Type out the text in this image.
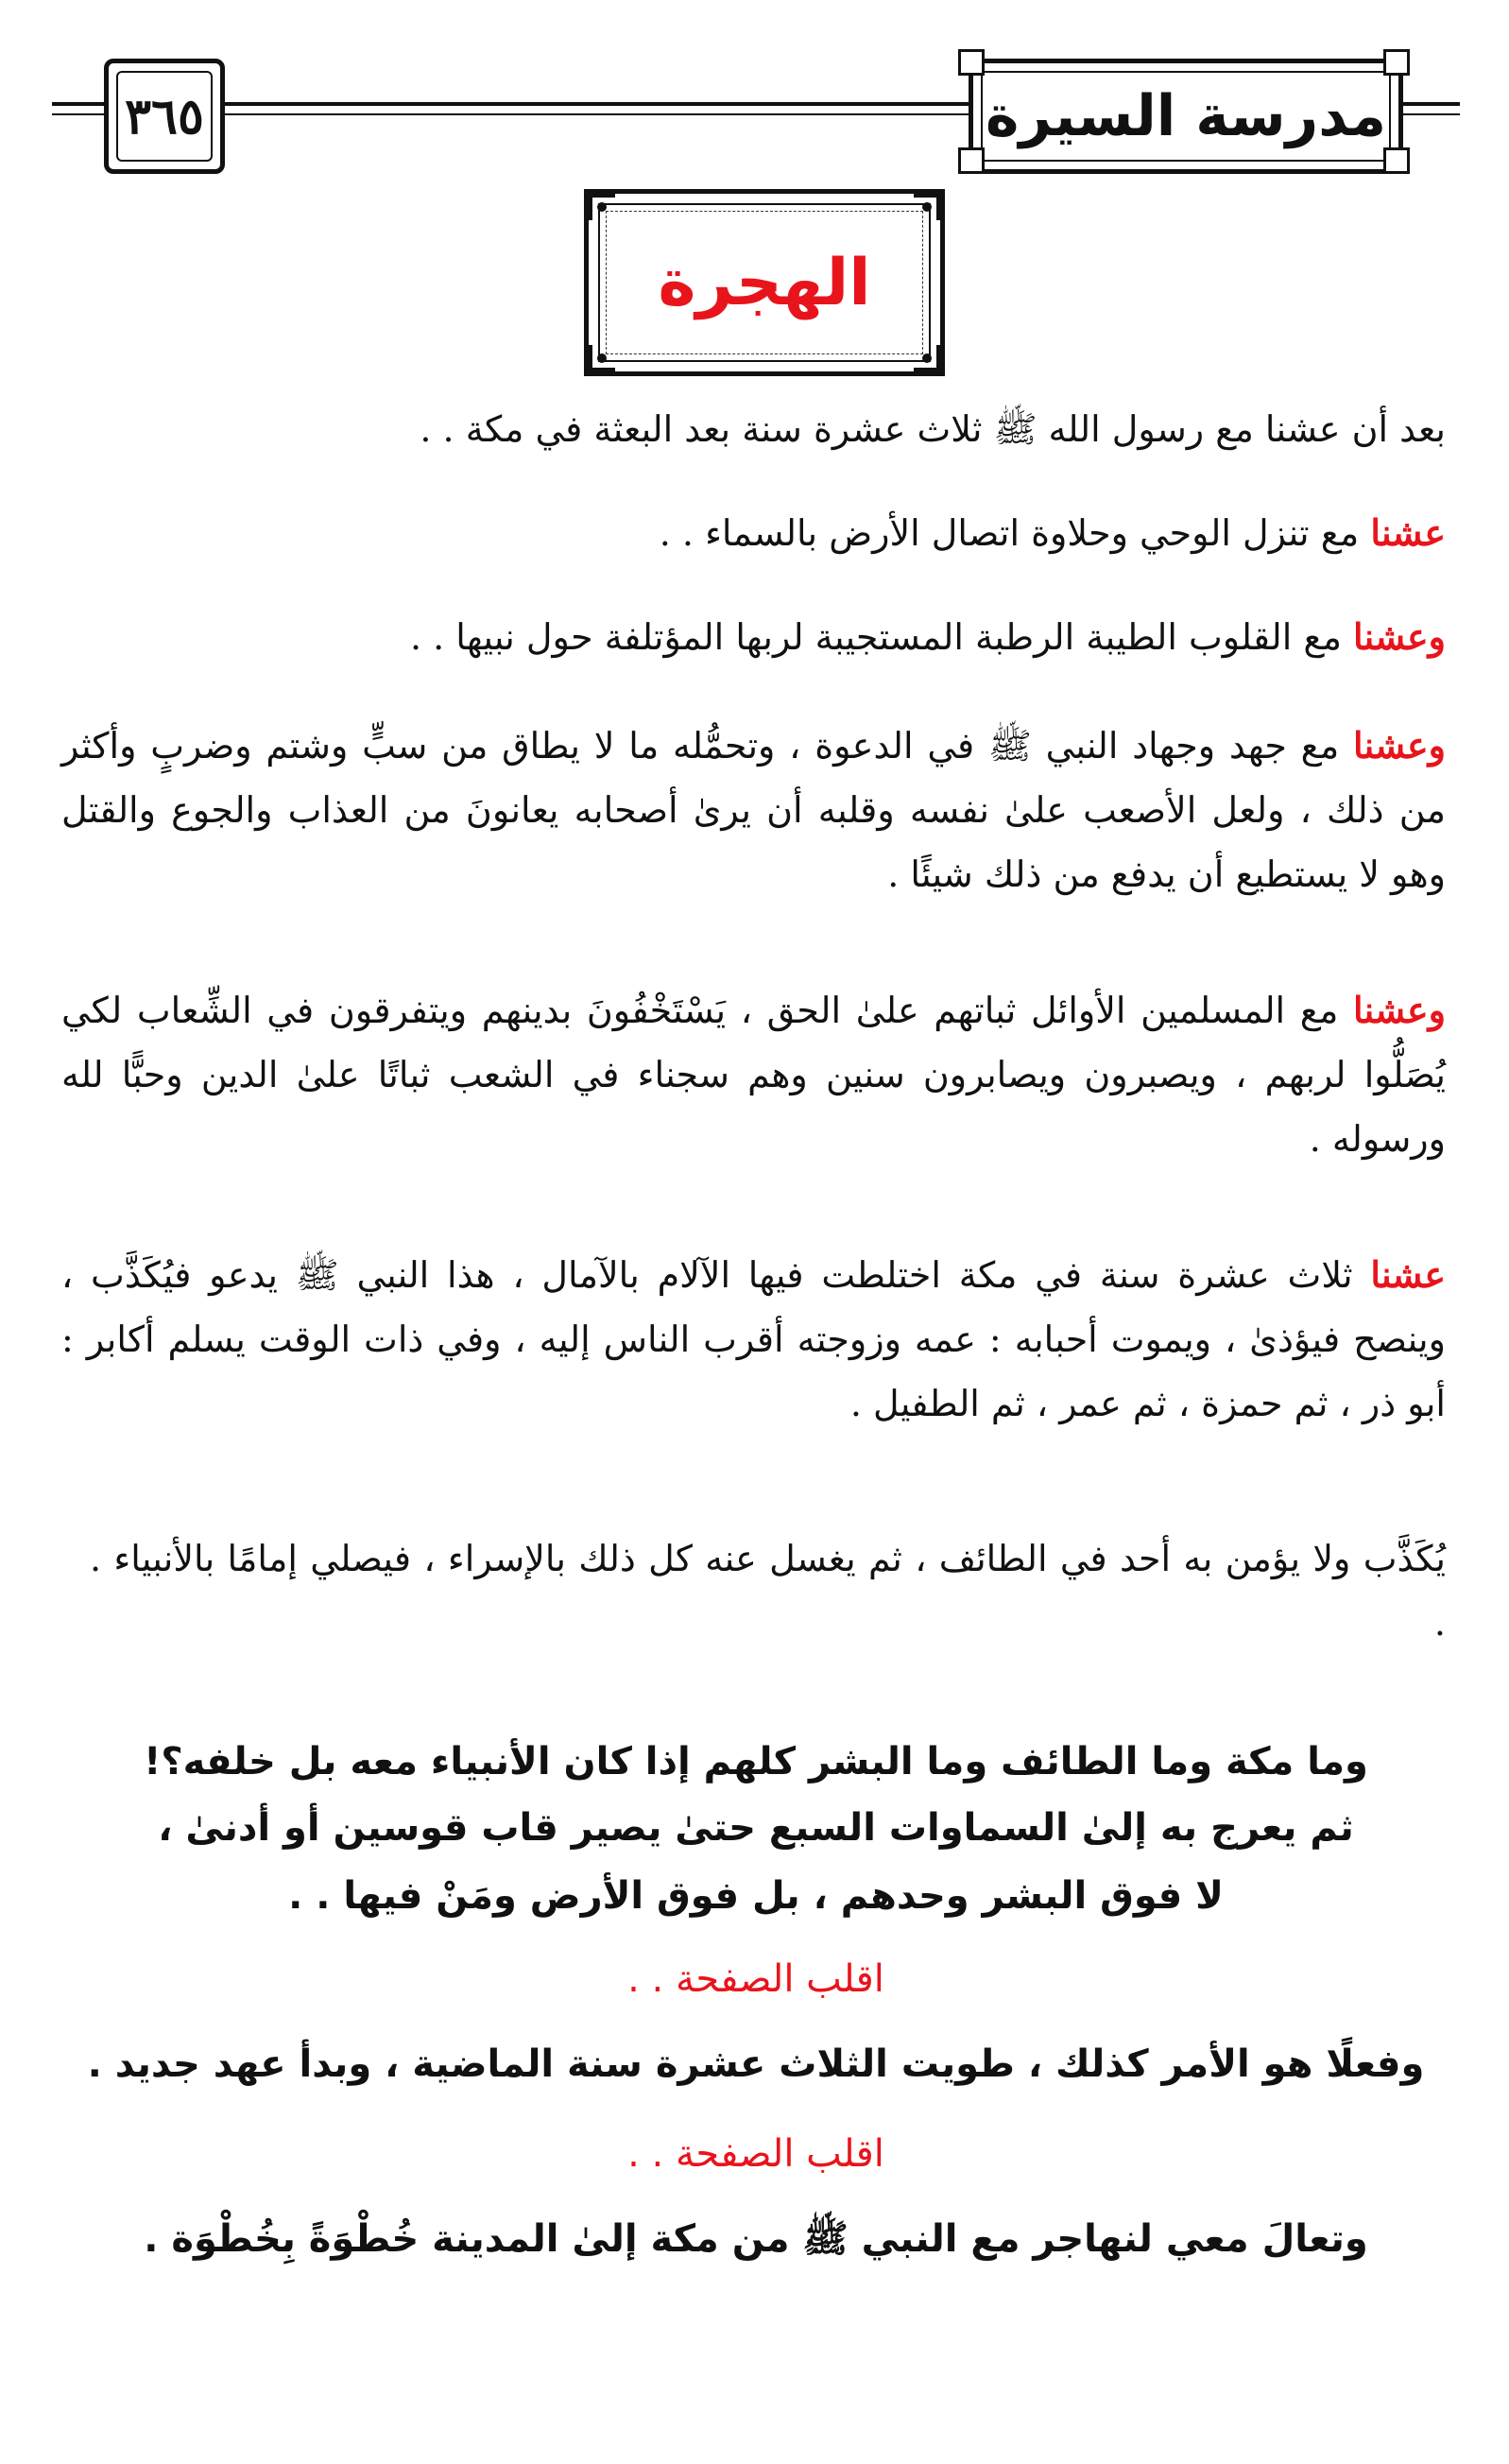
٣٦٥	مدرسة السيرة
الهجرة
بعد أن عشنا مع رسول الله ﷺ ثلاث عشرة سنة بعد البعثة في مكة . .
عشنا مع تنزل الوحي وحلاوة اتصال الأرض بالسماء . .
وعشنا مع القلوب الطيبة الرطبة المستجيبة لربها المؤتلفة حول نبيها . .
وعشنا مع جهد وجهاد النبي ﷺ في الدعوة ، وتحمُّله ما لا يطاق من سبٍّ وشتم وضربٍ وأكثر من ذلك ، ولعل الأصعب علىٰ نفسه وقلبه أن يرىٰ أصحابه يعانونَ من العذاب والجوع والقتل وهو لا يستطيع أن يدفع من ذلك شيئًا .
وعشنا مع المسلمين الأوائل ثباتهم علىٰ الحق ، يَسْتَخْفُونَ بدينهم ويتفرقون في الشِّعاب لكي يُصَلُّوا لربهم ، ويصبرون ويصابرون سنين وهم سجناء في الشعب ثباتًا علىٰ الدين وحبًّا لله ورسوله .
عشنا ثلاث عشرة سنة في مكة اختلطت فيها الآلام بالآمال ، هذا النبي ﷺ يدعو فيُكَذَّب ، وينصح فيؤذىٰ ، ويموت أحبابه : عمه وزوجته أقرب الناس إليه ، وفي ذات الوقت يسلم أكابر : أبو ذر ، ثم حمزة ، ثم عمر ، ثم الطفيل .
يُكَذَّب ولا يؤمن به أحد في الطائف ، ثم يغسل عنه كل ذلك بالإسراء ، فيصلي إمامًا بالأنبياء . .
وما مكة وما الطائف وما البشر كلهم إذا كان الأنبياء معه بل خلفه؟!
ثم يعرج به إلىٰ السماوات السبع حتىٰ يصير قاب قوسين أو أدنىٰ ،
لا فوق البشر وحدهم ، بل فوق الأرض ومَنْ فيها . .
اقلب الصفحة . .
وفعلًا هو الأمر كذلك ، طويت الثلاث عشرة سنة الماضية ، وبدأ عهد جديد .
اقلب الصفحة . .
وتعالَ معي لنهاجر مع النبي ﷺ من مكة إلىٰ المدينة خُطْوَةً بِخُطْوَة .
